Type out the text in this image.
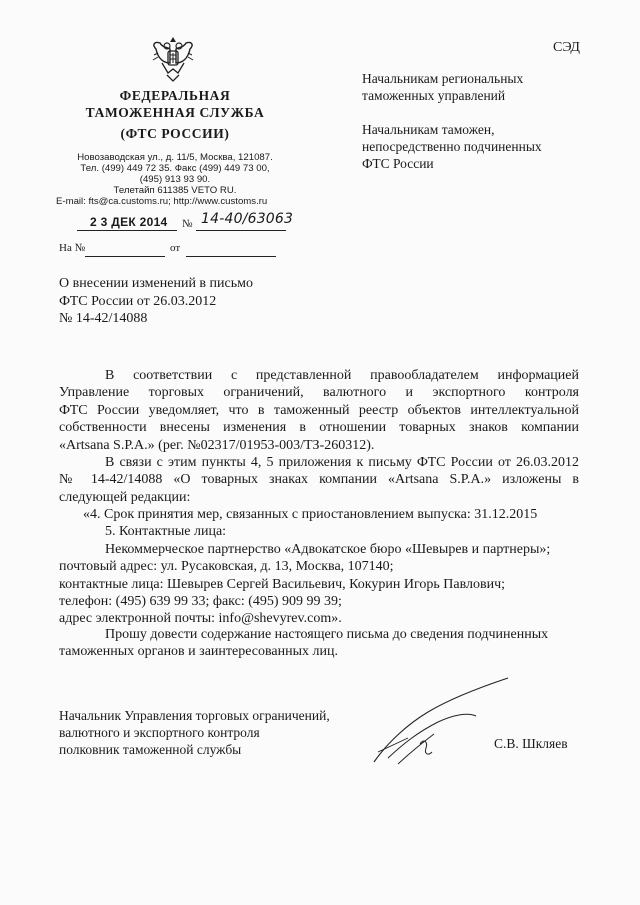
СЭД
ФЕДЕРАЛЬНАЯ
ТАМОЖЕННАЯ СЛУЖБА
(ФТС РОССИИ)
Новозаводская ул., д. 11/5, Москва, 121087.
Тел. (499) 449 72 35. Факс (499) 449 73 00,
(495) 913 93 90.
Телетайп 611385 VETO RU.
E-mail: fts@ca.customs.ru; http://www.customs.ru
Начальникам региональных
таможенных управлений
Начальникам таможен,
непосредственно подчиненных
ФТС России
2 3 ДЕК 2014 № 14-40/63063
На №	от
О внесении изменений в письмо
ФТС России от 26.03.2012
№ 14-42/14088
В соответствии с представленной правообладателем информацией
Управление торговых ограничений, валютного и экспортного контроля
ФТС России уведомляет, что в таможенный реестр объектов интеллектуальной
собственности внесены изменения в отношении товарных знаков компании
«Artsana S.P.A.» (рег. №02317/01953-003/ТЗ-260312).
В связи с этим пункты 4, 5 приложения к письму ФТС России от 26.03.2012
№ 14-42/14088 «О товарных знаках компании «Artsana S.P.A.» изложены в
следующей редакции:
«4. Срок принятия мер, связанных с приостановлением выпуска: 31.12.2015
5. Контактные лица:
Некоммерческое партнерство «Адвокатское бюро «Шевырев и партнеры»;
почтовый адрес: ул. Русаковская, д. 13, Москва, 107140;
контактные лица: Шевырев Сергей Васильевич, Кокурин Игорь Павлович;
телефон: (495) 639 99 33; факс: (495) 909 99 39;
адрес электронной почты: info@shevyrev.com».
Прошу довести содержание настоящего письма до сведения подчиненных
таможенных органов и заинтересованных лиц.
Начальник Управления торговых ограничений,
валютного и экспортного контроля
полковник таможенной службы	С.В. Шкляев
